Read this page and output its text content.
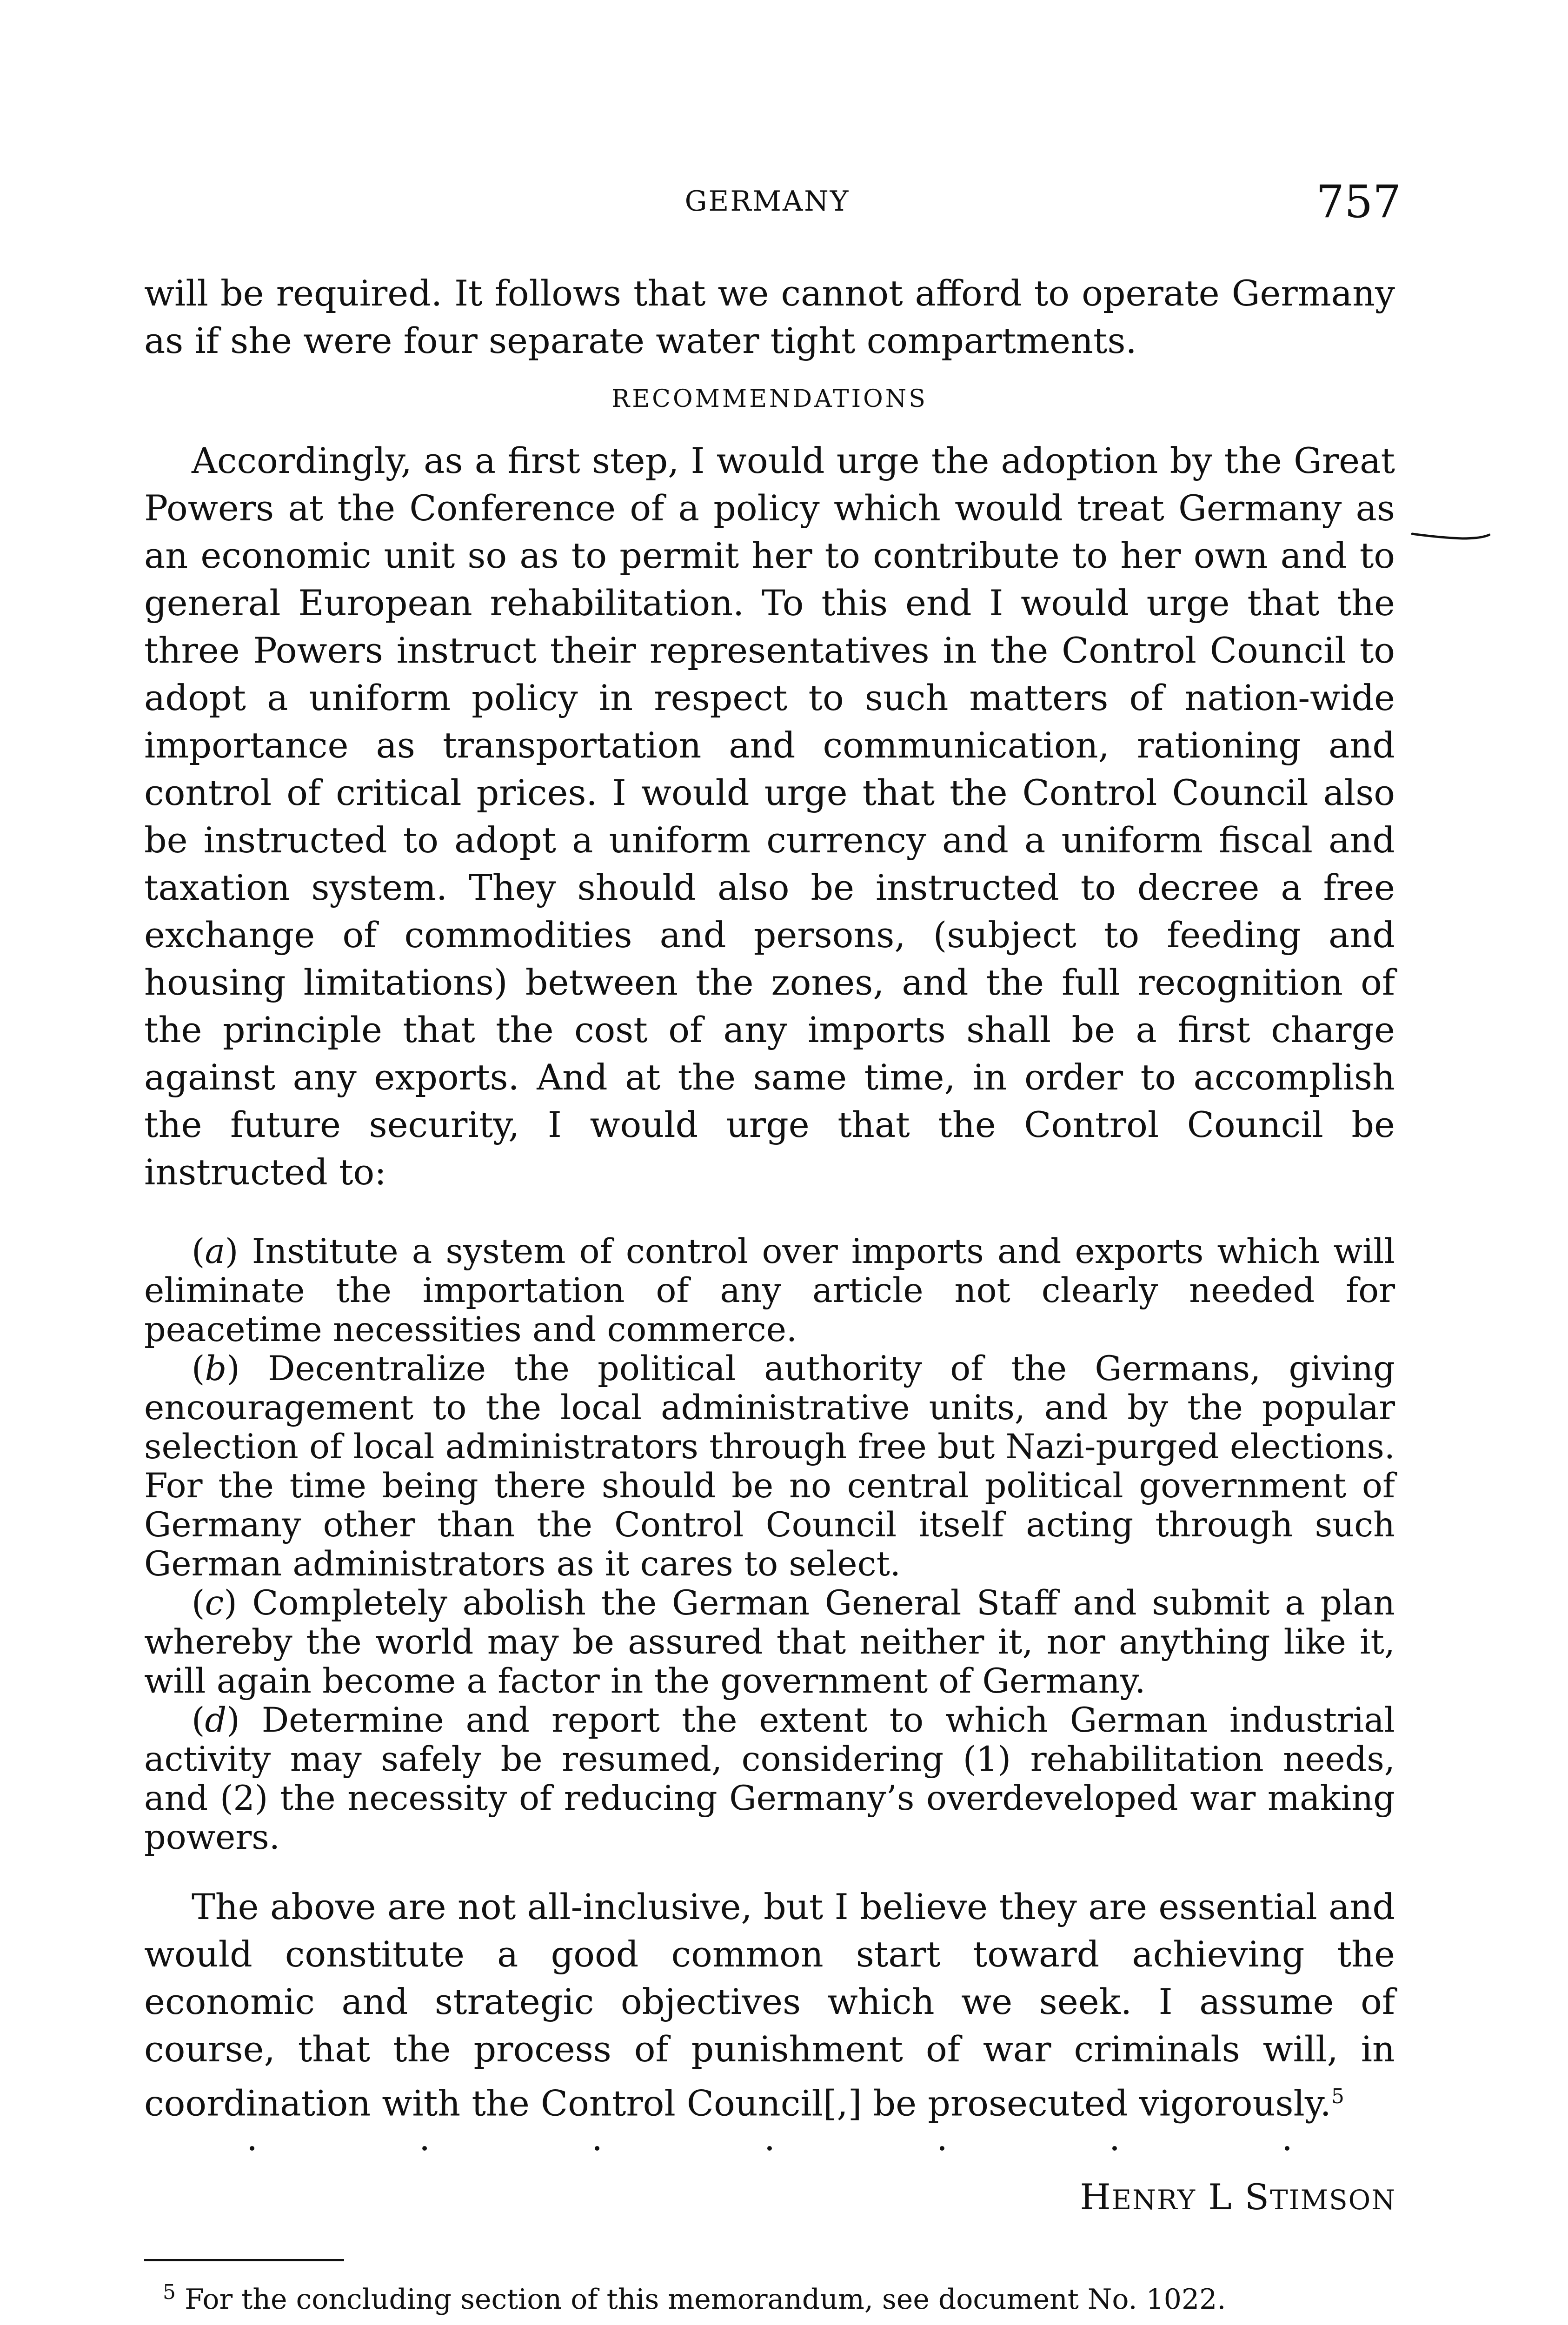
GERMANY	757

will be required. It follows that we cannot afford to operate Germany as if she were four separate water tight compartments.

RECOMMENDATIONS

Accordingly, as a first step, I would urge the adoption by the Great Powers at the Conference of a policy which would treat Germany as an economic unit so as to permit her to contribute to her own and to general European rehabilitation. To this end I would urge that the three Powers instruct their representatives in the Control Council to adopt a uniform policy in respect to such matters of nation-wide importance as transportation and communication, rationing and control of critical prices. I would urge that the Control Council also be instructed to adopt a uniform currency and a uniform fiscal and taxation system. They should also be instructed to decree a free exchange of commodities and persons, (subject to feeding and housing limitations) between the zones, and the full recognition of the principle that the cost of any imports shall be a first charge against any exports. And at the same time, in order to accomplish the future security, I would urge that the Control Council be instructed to:

(a) Institute a system of control over imports and exports which will eliminate the importation of any article not clearly needed for peacetime necessities and commerce.

(b) Decentralize the political authority of the Germans, giving encouragement to the local administrative units, and by the popular selection of local administrators through free but Nazi-purged elections. For the time being there should be no central political government of Germany other than the Control Council itself acting through such German administrators as it cares to select.

(c) Completely abolish the German General Staff and submit a plan whereby the world may be assured that neither it, nor anything like it, will again become a factor in the government of Germany.

(d) Determine and report the extent to which German industrial activity may safely be resumed, considering (1) rehabilitation needs, and (2) the necessity of reducing Germany’s overdeveloped war making powers.

The above are not all-inclusive, but I believe they are essential and would constitute a good common start toward achieving the economic and strategic objectives which we seek. I assume of course, that the process of punishment of war criminals will, in coordination with the Control Council[,] be prosecuted vigorously.$^5$

.	.	.	.	.	.	.
HENRY L STIMSON

$^5$ For the concluding section of this memorandum, see document No. 1022.
